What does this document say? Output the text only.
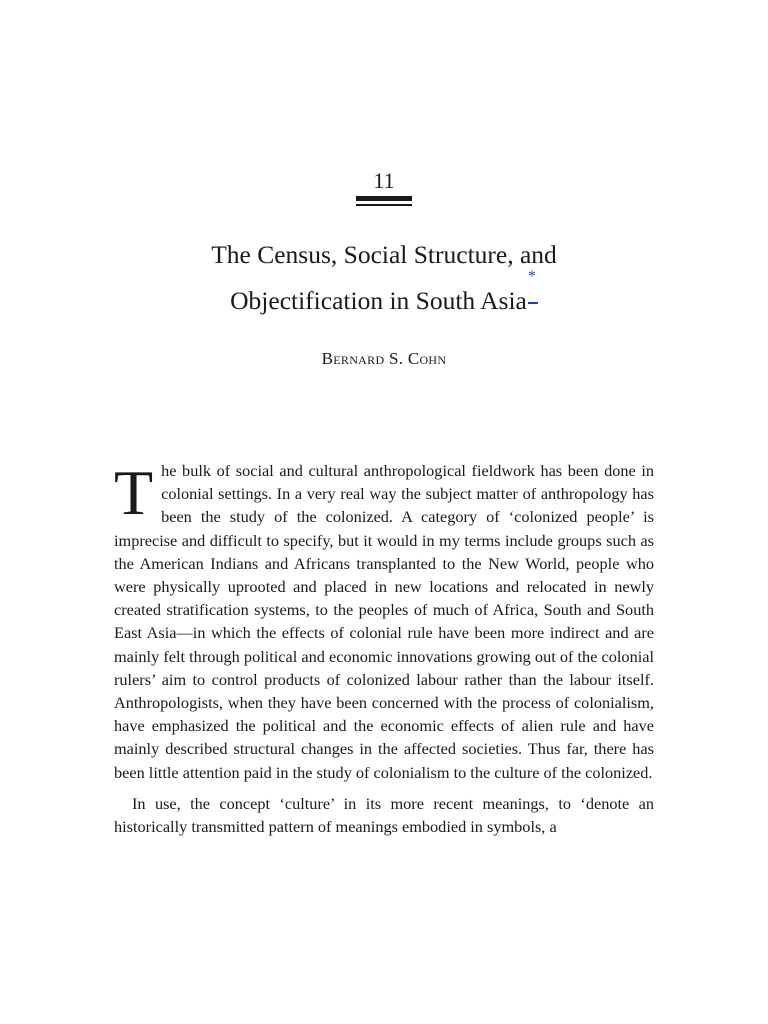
11
The Census, Social Structure, and
Objectification in South Asia
*
Bernard S. Cohn

The bulk of social and cultural anthropological fieldwork has been done in colonial settings. In a very real way the subject matter of anthropology has been the study of the colonized. A category of ‘colonized people’ is imprecise and difficult to specify, but it would in my terms include groups such as the American Indians and Africans transplanted to the New World, people who were physically uprooted and placed in new locations and relocated in newly created stratification systems, to the peoples of much of Africa, South and South East Asia—in which the effects of colonial rule have been more indirect and are mainly felt through political and economic innovations growing out of the colonial rulers’ aim to control products of colonized labour rather than the labour itself. Anthropologists, when they have been concerned with the process of colonialism, have emphasized the political and the economic effects of alien rule and have mainly described structural changes in the affected societies. Thus far, there has been little attention paid in the study of colonialism to the culture of the colonized.

In use, the concept ‘culture’ in its more recent meanings, to ‘denote an historically transmitted pattern of meanings embodied in symbols, a
